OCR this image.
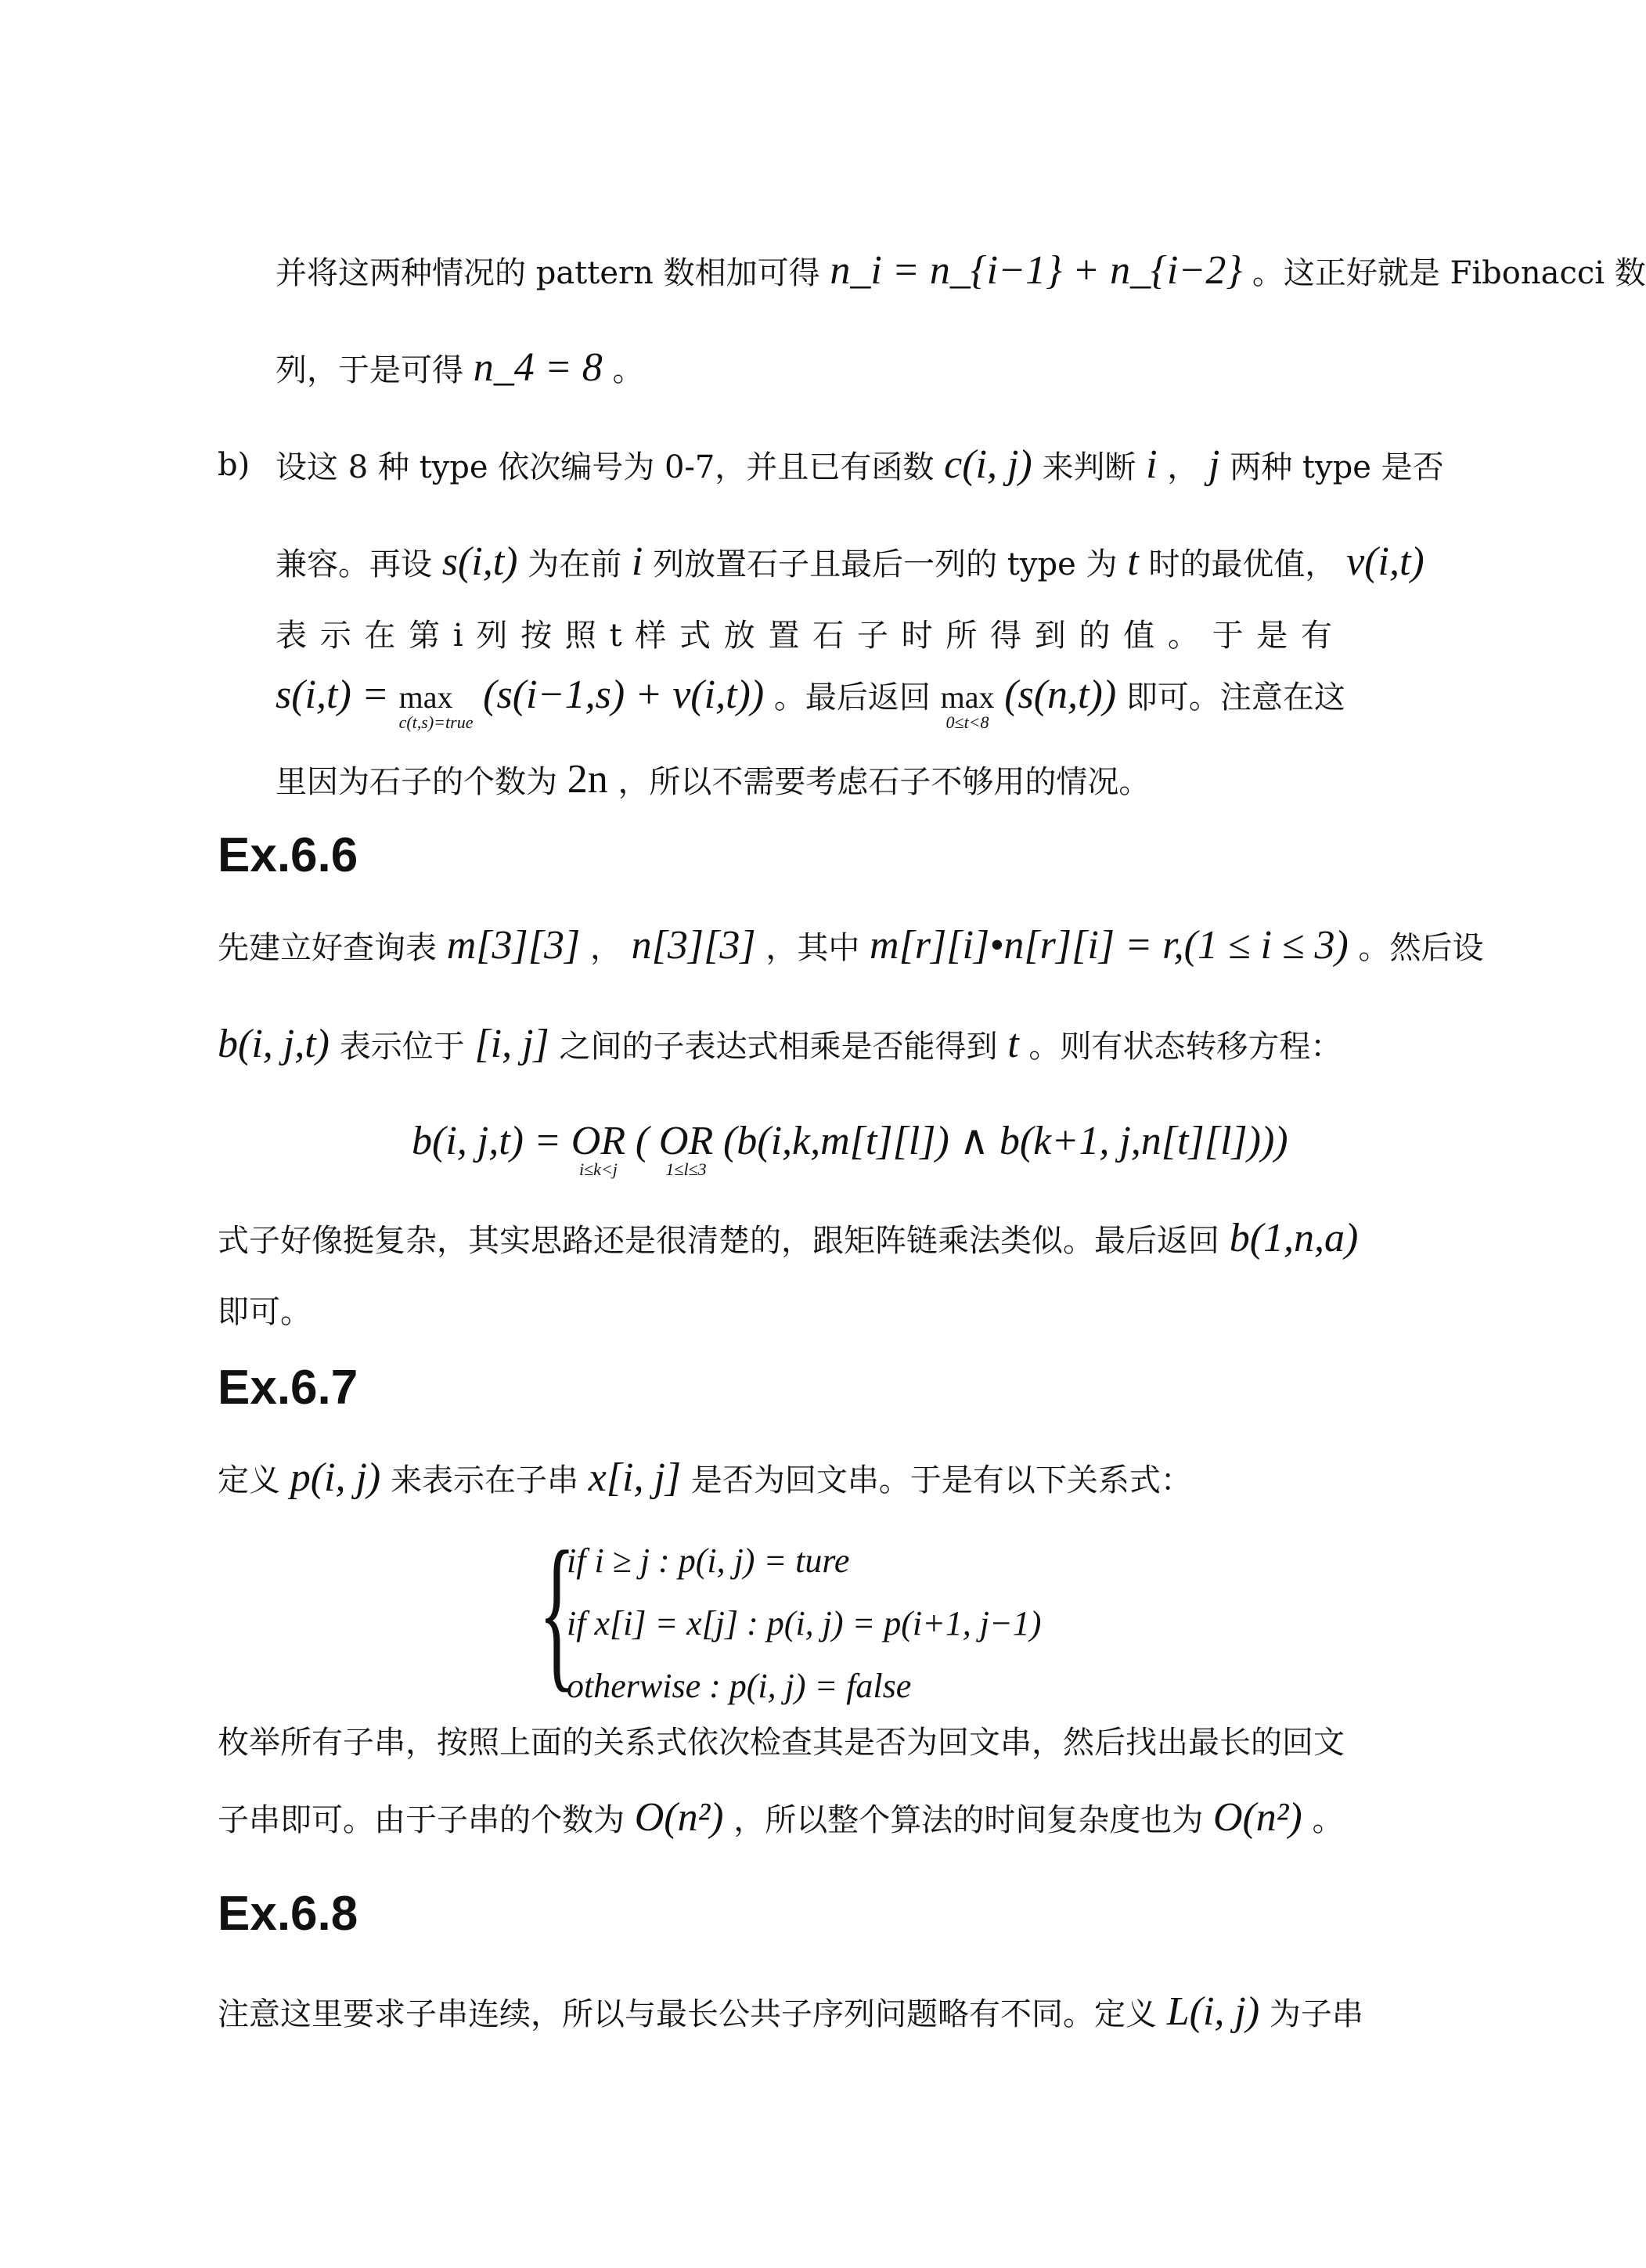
并将这两种情况的 pattern 数相加可得 n_i = n_{i−1} + n_{i−2} 。这正好就是 Fibonacci 数
列，于是可得 n_4 = 8 。
b) 设这 8 种 type 依次编号为 0-7，并且已有函数 c(i, j) 来判断 i ， j 两种 type 是否
兼容。再设 s(i,t) 为在前 i 列放置石子且最后一列的 type 为 t 时的最优值， v(i,t)
表 示 在 第 i 列 按 照 t 样 式 放 置 石 子 时 所 得 到 的 值 。 于 是 有
s(i,t) = max
c(t,s)=true
(s(i−1,s) + v(i,t)) 。最后返回 max
0≤t<8
(s(n,t)) 即可。注意在这
里因为石子的个数为 2n ，所以不需要考虑石子不够用的情况。
Ex.6.6
先建立好查询表 m[3][3] ， n[3][3] ，其中 m[r][i]•n[r][i] = r,(1 ≤ i ≤ 3) 。然后设
b(i, j,t) 表示位于 [i, j] 之间的子表达式相乘是否能得到 t 。则有状态转移方程：
b(i, j,t) = OR
i≤k<j
( OR
1≤l≤3
(b(i,k,m[t][l]) ∧ b(k+1, j,n[t][l])))
式子好像挺复杂，其实思路还是很清楚的，跟矩阵链乘法类似。最后返回 b(1,n,a)
即可。
Ex.6.7
定义 p(i, j) 来表示在子串 x[i, j] 是否为回文串。于是有以下关系式：
{
if i ≥ j : p(i, j) = ture
if x[i] = x[j] : p(i, j) = p(i+1, j−1)
otherwise : p(i, j) = false
枚举所有子串，按照上面的关系式依次检查其是否为回文串，然后找出最长的回文
子串即可。由于子串的个数为 O(n²) ，所以整个算法的时间复杂度也为 O(n²) 。
Ex.6.8
注意这里要求子串连续，所以与最长公共子序列问题略有不同。定义 L(i, j) 为子串
